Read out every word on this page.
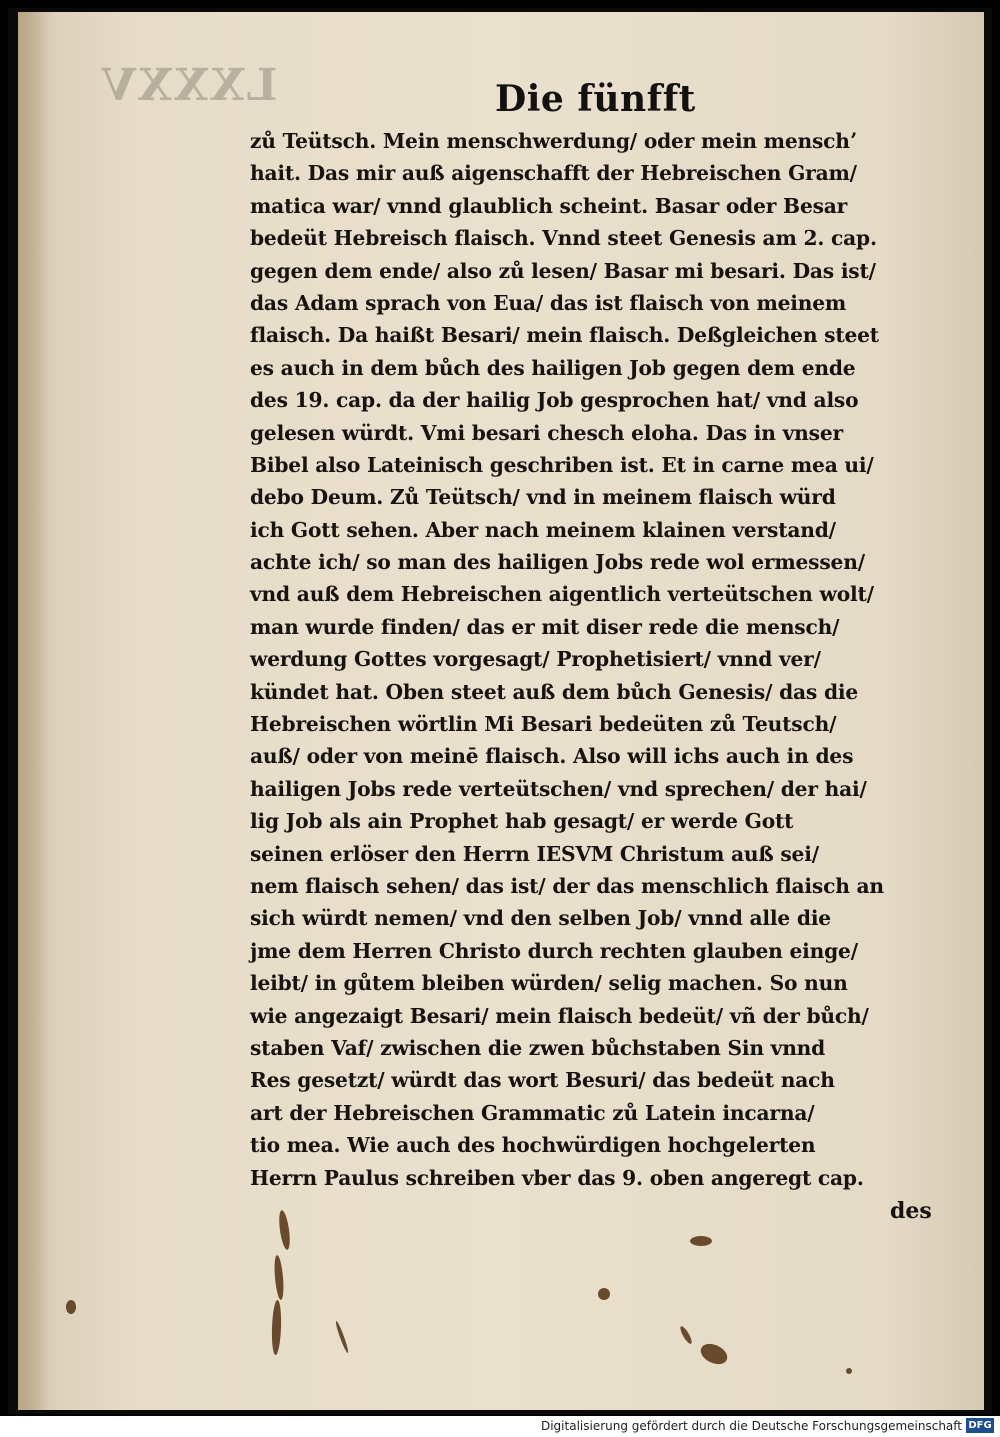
LXXXV	Die fünfft
zů Teütsch. Mein menschwerdung/ oder mein menschʼ
hait. Das mir auß aigenschafft der Hebreischen Gram/
matica war/ vnnd glaublich scheint. Basar oder Besar
bedeüt Hebreisch flaisch. Vnnd steet Genesis am 2. cap.
gegen dem ende/ also zů lesen/ Basar mi besari. Das ist/
das Adam sprach von Eua/ das ist flaisch von meinem
flaisch. Da haißt Besari/ mein flaisch. Deßgleichen steet
es auch in dem bůch des hailigen Job gegen dem ende
des 19. cap. da der hailig Job gesprochen hat/ vnd also
gelesen würdt. Vmi besari chesch eloha. Das in vnser
Bibel also Lateinisch geschriben ist. Et in carne mea ui/
debo Deum. Zů Teütsch/ vnd in meinem flaisch würd
ich Gott sehen. Aber nach meinem klainen verstand/
achte ich/ so man des hailigen Jobs rede wol ermessen/
vnd auß dem Hebreischen aigentlich verteütschen wolt/
man wurde finden/ das er mit diser rede die mensch/
werdung Gottes vorgesagt/ Prophetisiert/ vnnd ver/
kündet hat. Oben steet auß dem bůch Genesis/ das die
Hebreischen wörtlin Mi Besari bedeüten zů Teutsch/
auß/ oder von meinē flaisch. Also will ichs auch in des
hailigen Jobs rede verteütschen/ vnd sprechen/ der hai/
lig Job als ain Prophet hab gesagt/ er werde Gott
seinen erlöser den Herrn IESVM Christum auß sei/
nem flaisch sehen/ das ist/ der das menschlich flaisch an
sich würdt nemen/ vnd den selben Job/ vnnd alle die
jme dem Herren Christo durch rechten glauben einge/
leibt/ in gůtem bleiben würden/ selig machen. So nun
wie angezaigt Besari/ mein flaisch bedeüt/ vñ der bůch/
staben Vaf/ zwischen die zwen bůchstaben Sin vnnd
Res gesetzt/ würdt das wort Besuri/ das bedeüt nach
art der Hebreischen Grammatic zů Latein incarna/
tio mea. Wie auch des hochwürdigen hochgelerten
Herrn Paulus schreiben vber das 9. oben angeregt cap.
des
Digitalisierung gefördert durch die Deutsche Forschungsgemeinschaft DFG
